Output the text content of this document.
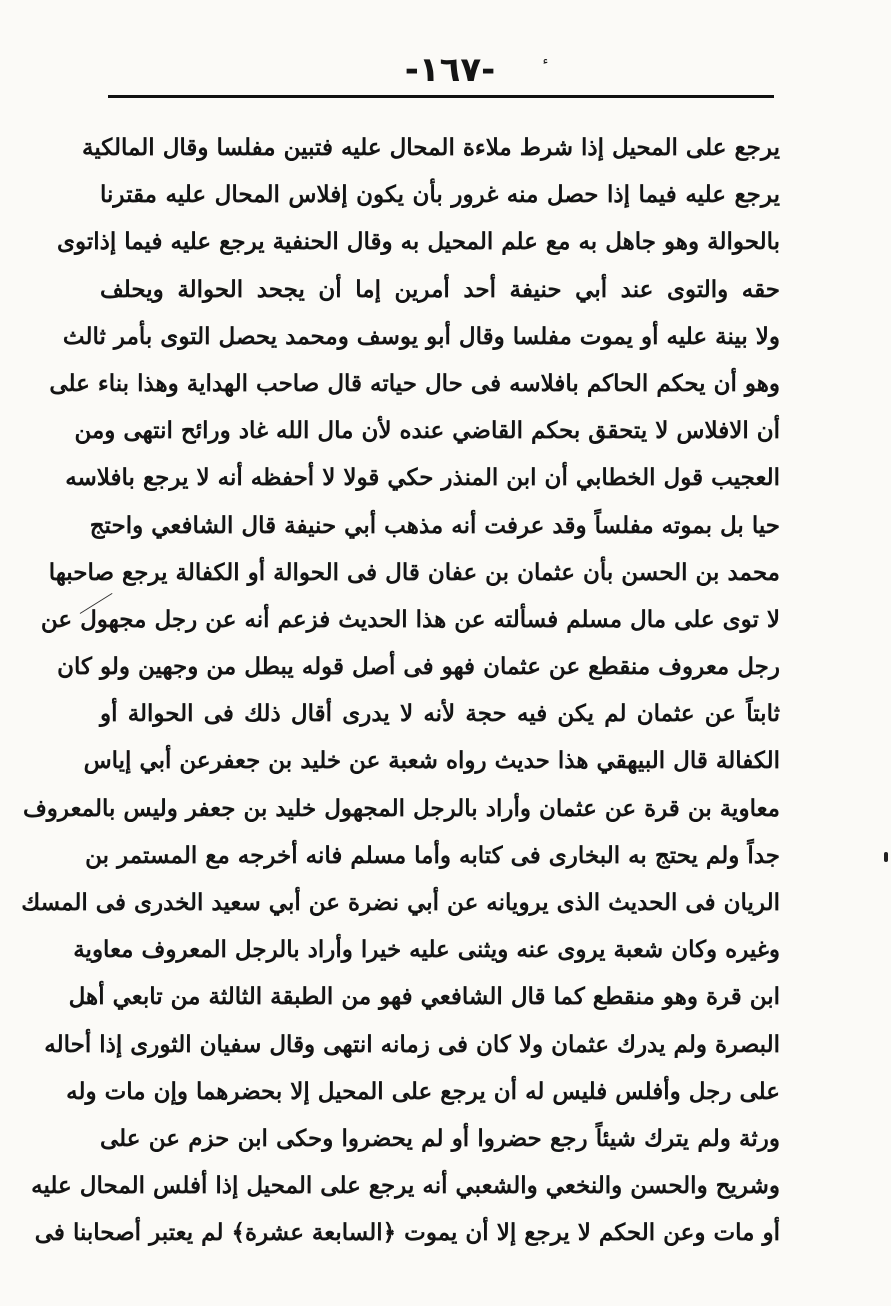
-١٦٧-
يرجع على المحيل إذا شرط ملاءة المحال عليه فتبين مفلسا وقال المالكية
يرجع عليه فيما إذا حصل منه غرور بأن يكون إفلاس المحال عليه مقترنا
بالحوالة وهو جاهل به مع علم المحيل به وقال الحنفية يرجع عليه فيما إذاتوى
حقه والتوى عند أبي حنيفة أحد أمرين إما أن يجحد الحوالة ويحلف
ولا بينة عليه أو يموت مفلسا وقال أبو يوسف ومحمد يحصل التوى بأمر ثالث
وهو أن يحكم الحاكم بافلاسه فى حال حياته قال صاحب الهداية وهذا بناء على
أن الافلاس لا يتحقق بحكم القاضي عنده لأن مال الله غاد ورائح انتهى ومن
العجيب قول الخطابي أن ابن المنذر حكي قولا لا أحفظه أنه لا يرجع بافلاسه
حيا بل بموته مفلساً وقد عرفت أنه مذهب أبي حنيفة قال الشافعي واحتج
محمد بن الحسن بأن عثمان بن عفان قال فى الحوالة أو الكفالة يرجع صاحبها
لا توى على مال مسلم فسألته عن هذا الحديث فزعم أنه عن رجل مجهول عن
رجل معروف منقطع عن عثمان فهو فى أصل قوله يبطل من وجهين ولو كان
ثابتاً عن عثمان لم يكن فيه حجة لأنه لا يدرى أقال ذلك فى الحوالة أو
الكفالة قال البيهقي هذا حديث رواه شعبة عن خليد بن جعفرعن أبي إياس
معاوية بن قرة عن عثمان وأراد بالرجل المجهول خليد بن جعفر وليس بالمعروف
جداً ولم يحتج به البخارى فى كتابه وأما مسلم فانه أخرجه مع المستمر بن
الريان فى الحديث الذى يرويانه عن أبي نضرة عن أبي سعيد الخدرى فى المسك
وغيره وكان شعبة يروى عنه ويثنى عليه خيرا وأراد بالرجل المعروف معاوية
ابن قرة وهو منقطع كما قال الشافعي فهو من الطبقة الثالثة من تابعي أهل
البصرة ولم يدرك عثمان ولا كان فى زمانه انتهى وقال سفيان الثورى إذا أحاله
على رجل وأفلس فليس له أن يرجع على المحيل إلا بحضرهما وإن مات وله
ورثة ولم يترك شيئاً رجع حضروا أو لم يحضروا وحكى ابن حزم عن على
وشريح والحسن والنخعي والشعبي أنه يرجع على المحيل إذا أفلس المحال عليه
أو مات وعن الحكم لا يرجع إلا أن يموت ﴿السابعة عشرة﴾ لم يعتبر أصحابنا فى
